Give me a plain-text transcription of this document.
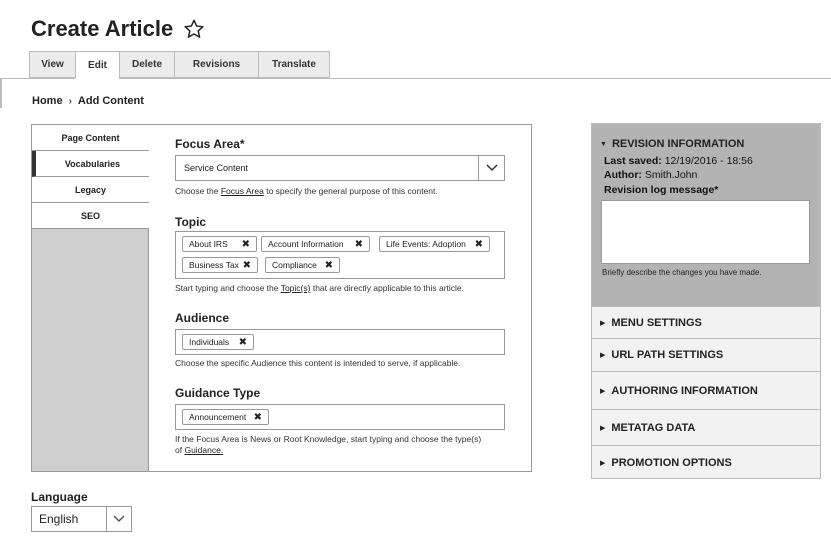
Create Article
View	Edit	Delete	Revisions	Translate
Home › Add Content
Page Content
Vocabularies
Legacy
SEO
Focus Area*
Service Content
Choose the Focus Area to specify the general purpose of this content.
Topic
About IRS ✖ Account Information ✖	Life Events: Adoption ✖
Business Tax ✖ Compliance ✖
Start typing and choose the Topic(s) that are directly applicable to this article.
Audience
Individuals ✖
Choose the specific Audience this content is intended to serve, if applicable.
Guidance Type
Announcement ✖
If the Focus Area is News or Root Knowledge, start typing and choose the type(s)
of Guidance.
Language
English
▼ REVISION INFORMATION
Last saved: 12/19/2016 - 18:56
Author: Smith.John
Revision log message*
Briefly describe the changes you have made.
▶ MENU SETTINGS
▶ URL PATH SETTINGS
▶ AUTHORING INFORMATION
▶ METATAG DATA
▶ PROMOTION OPTIONS
